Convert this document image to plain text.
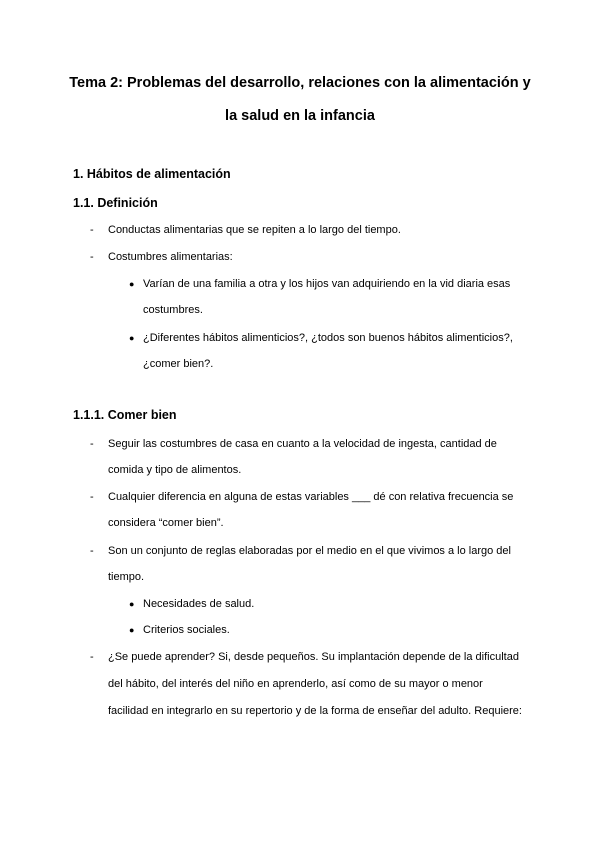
Tema 2: Problemas del desarrollo, relaciones con la alimentación y
la salud en la infancia
1. Hábitos de alimentación
1.1. Definición
- Conductas alimentarias que se repiten a lo largo del tiempo.
- Costumbres alimentarias:
● Varían de una familia a otra y los hijos van adquiriendo en la vid diaria esas
costumbres.
● ¿Diferentes hábitos alimenticios?, ¿todos son buenos hábitos alimenticios?,
¿comer bien?.
1.1.1. Comer bien
- Seguir las costumbres de casa en cuanto a la velocidad de ingesta, cantidad de
comida y tipo de alimentos.
- Cualquier diferencia en alguna de estas variables ___ dé con relativa frecuencia se
considera “comer bien”.
- Son un conjunto de reglas elaboradas por el medio en el que vivimos a lo largo del
tiempo.
● Necesidades de salud.
● Criterios sociales.
- ¿Se puede aprender? Si, desde pequeños. Su implantación depende de la dificultad
del hábito, del interés del niño en aprenderlo, así como de su mayor o menor
facilidad en integrarlo en su repertorio y de la forma de enseñar del adulto. Requiere:
